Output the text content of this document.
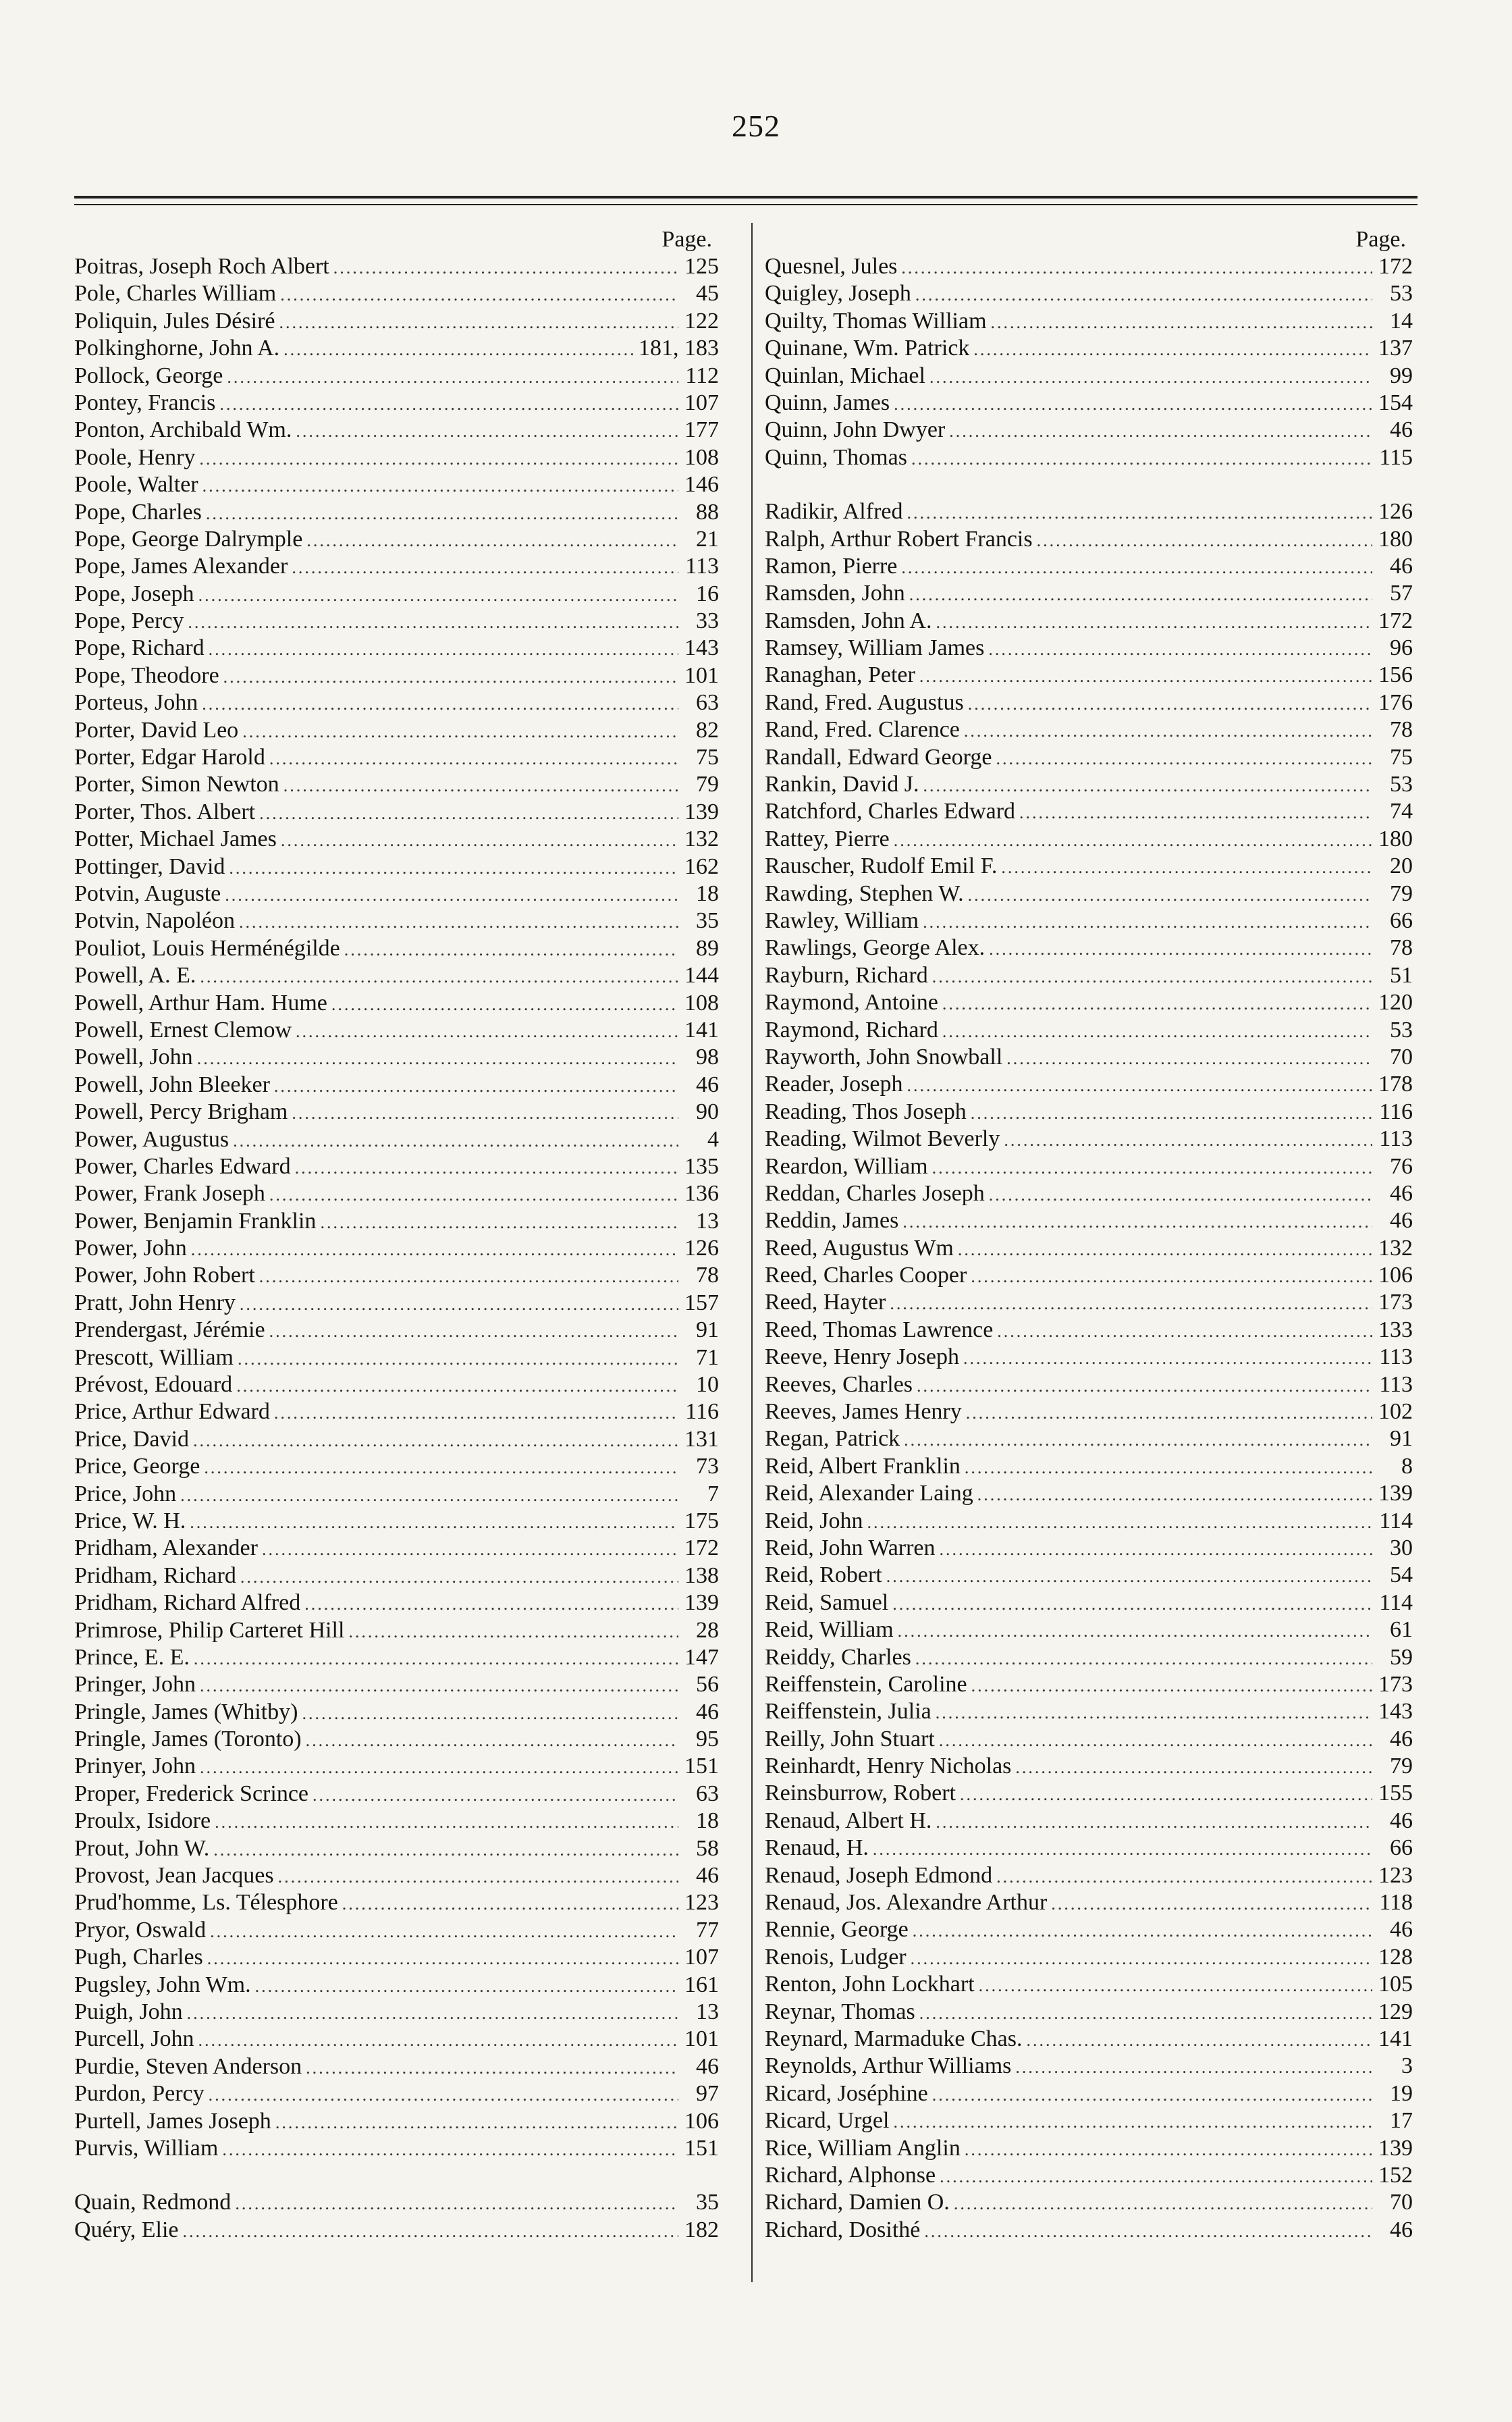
252
Page.
Poitras, Joseph Roch Albert .....	125
Pole, Charles William .....	45
Poliquin, Jules Désiré .....	122
Polkinghorne, John A. .....	181, 183
Pollock, George .....	112
Pontey, Francis .....	107
Ponton, Archibald Wm. .....	177
Poole, Henry .....	108
Poole, Walter .....	146
Pope, Charles .....	88
Pope, George Dalrymple .....	21
Pope, James Alexander .....	113
Pope, Joseph .....	16
Pope, Percy .....	33
Pope, Richard .....	143
Pope, Theodore .....	101
Porteus, John .....	63
Porter, David Leo .....	82
Porter, Edgar Harold .....	75
Porter, Simon Newton .....	79
Porter, Thos. Albert .....	139
Potter, Michael James .....	132
Pottinger, David .....	162
Potvin, Auguste .....	18
Potvin, Napoléon .....	35
Pouliot, Louis Herménégilde .....	89
Powell, A. E. .....	144
Powell, Arthur Ham. Hume .....	108
Powell, Ernest Clemow .....	141
Powell, John .....	98
Powell, John Bleeker .....	46
Powell, Percy Brigham .....	90
Power, Augustus .....	4
Power, Charles Edward .....	135
Power, Frank Joseph .....	136
Power, Benjamin Franklin .....	13
Power, John .....	126
Power, John Robert .....	78
Pratt, John Henry .....	157
Prendergast, Jérémie .....	91
Prescott, William .....	71
Prévost, Edouard .....	10
Price, Arthur Edward .....	116
Price, David .....	131
Price, George .....	73
Price, John .....	7
Price, W. H. .....	175
Pridham, Alexander .....	172
Pridham, Richard .....	138
Pridham, Richard Alfred .....	139
Primrose, Philip Carteret Hill .....	28
Prince, E. E. .....	147
Pringer, John .....	56
Pringle, James (Whitby) .....	46
Pringle, James (Toronto) .....	95
Prinyer, John .....	151
Proper, Frederick Scrince .....	63
Proulx, Isidore .....	18
Prout, John W. .....	58
Provost, Jean Jacques .....	46
Prud'homme, Ls. Télesphore .....	123
Pryor, Oswald .....	77
Pugh, Charles .....	107
Pugsley, John Wm. .....	161
Puigh, John .....	13
Purcell, John .....	101
Purdie, Steven Anderson .....	46
Purdon, Percy .....	97
Purtell, James Joseph .....	106
Purvis, William .....	151
Quain, Redmond .....	35
Quéry, Elie .....	182
Page.
Quesnel, Jules .....	172
Quigley, Joseph .....	53
Quilty, Thomas William .....	14
Quinane, Wm. Patrick .....	137
Quinlan, Michael .....	99
Quinn, James .....	154
Quinn, John Dwyer .....	46
Quinn, Thomas .....	115
Radikir, Alfred .....	126
Ralph, Arthur Robert Francis .....	180
Ramon, Pierre .....	46
Ramsden, John .....	57
Ramsden, John A. .....	172
Ramsey, William James .....	96
Ranaghan, Peter .....	156
Rand, Fred. Augustus .....	176
Rand, Fred. Clarence .....	78
Randall, Edward George .....	75
Rankin, David J. .....	53
Ratchford, Charles Edward .....	74
Rattey, Pierre .....	180
Rauscher, Rudolf Emil F. .....	20
Rawding, Stephen W. .....	79
Rawley, William .....	66
Rawlings, George Alex. .....	78
Rayburn, Richard .....	51
Raymond, Antoine .....	120
Raymond, Richard .....	53
Rayworth, John Snowball .....	70
Reader, Joseph .....	178
Reading, Thos Joseph .....	116
Reading, Wilmot Beverly .....	113
Reardon, William .....	76
Reddan, Charles Joseph .....	46
Reddin, James .....	46
Reed, Augustus Wm .....	132
Reed, Charles Cooper .....	106
Reed, Hayter .....	173
Reed, Thomas Lawrence .....	133
Reeve, Henry Joseph .....	113
Reeves, Charles .....	113
Reeves, James Henry .....	102
Regan, Patrick .....	91
Reid, Albert Franklin .....	8
Reid, Alexander Laing .....	139
Reid, John .....	114
Reid, John Warren .....	30
Reid, Robert .....	54
Reid, Samuel .....	114
Reid, William .....	61
Reiddy, Charles .....	59
Reiffenstein, Caroline .....	173
Reiffenstein, Julia .....	143
Reilly, John Stuart .....	46
Reinhardt, Henry Nicholas .....	79
Reinsburrow, Robert .....	155
Renaud, Albert H. .....	46
Renaud, H. .....	66
Renaud, Joseph Edmond .....	123
Renaud, Jos. Alexandre Arthur .....	118
Rennie, George .....	46
Renois, Ludger .....	128
Renton, John Lockhart .....	105
Reynar, Thomas .....	129
Reynard, Marmaduke Chas. .....	141
Reynolds, Arthur Williams .....	3
Ricard, Joséphine .....	19
Ricard, Urgel .....	17
Rice, William Anglin .....	139
Richard, Alphonse .....	152
Richard, Damien O. .....	70
Richard, Dosithé .....	46
